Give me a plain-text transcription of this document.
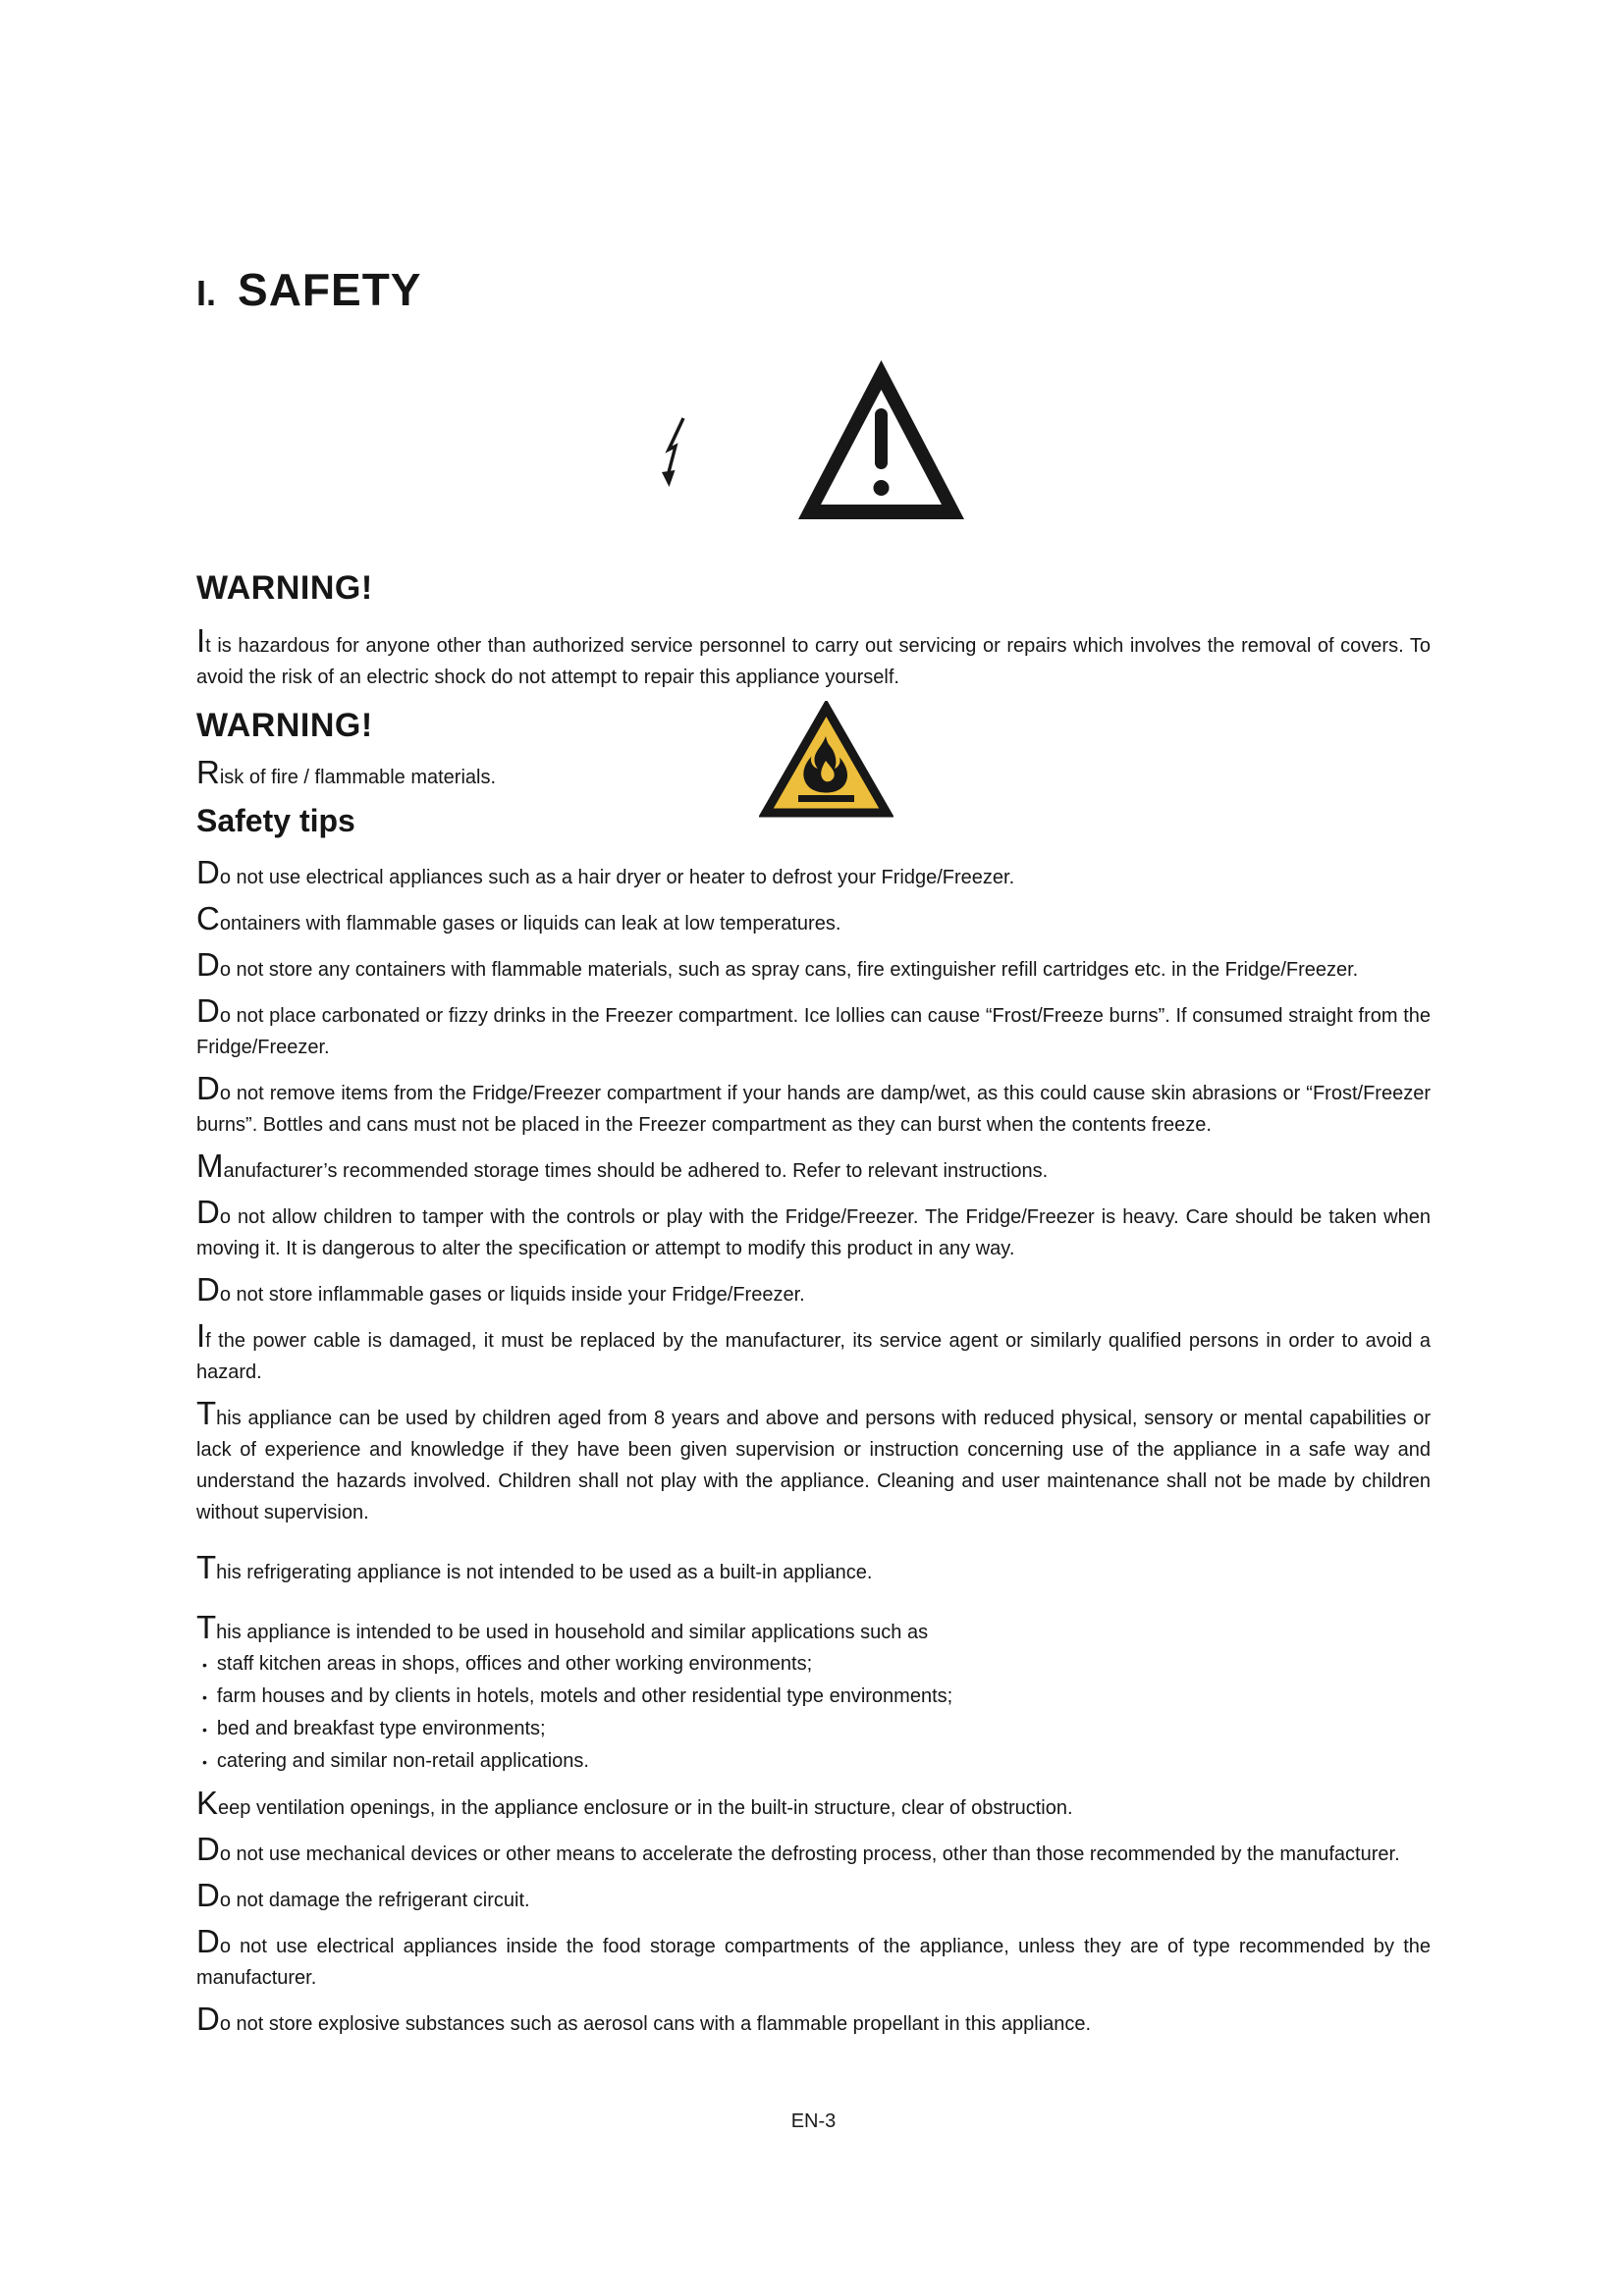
I. SAFETY
WARNING!

It is hazardous for anyone other than authorized service personnel to carry out servicing or repairs which involves the removal of covers. To avoid the risk of an electric shock do not attempt to repair this appliance yourself.

WARNING!

Risk of fire / flammable materials.

Safety tips

Do not use electrical appliances such as a hair dryer or heater to defrost your Fridge/Freezer.

Containers with flammable gases or liquids can leak at low temperatures.

Do not store any containers with flammable materials, such as spray cans, fire extinguisher refill cartridges etc. in the Fridge/Freezer.

Do not place carbonated or fizzy drinks in the Freezer compartment. Ice lollies can cause “Frost/Freeze burns”. If consumed straight from the Fridge/Freezer.

Do not remove items from the Fridge/Freezer compartment if your hands are damp/wet, as this could cause skin abrasions or “Frost/Freezer burns”. Bottles and cans must not be placed in the Freezer compartment as they can burst when the contents freeze.

Manufacturer’s recommended storage times should be adhered to. Refer to relevant instructions.

Do not allow children to tamper with the controls or play with the Fridge/Freezer. The Fridge/Freezer is heavy. Care should be taken when moving it. It is dangerous to alter the specification or attempt to modify this product in any way.

Do not store inflammable gases or liquids inside your Fridge/Freezer.

If the power cable is damaged, it must be replaced by the manufacturer, its service agent or similarly qualified persons in order to avoid a hazard.

This appliance can be used by children aged from 8 years and above and persons with reduced physical, sensory or mental capabilities or lack of experience and knowledge if they have been given supervision or instruction concerning use of the appliance in a safe way and understand the hazards involved. Children shall not play with the appliance. Cleaning and user maintenance shall not be made by children without supervision.

This refrigerating appliance is not intended to be used as a built-in appliance.

This appliance is intended to be used in household and similar applications such as

• staff kitchen areas in shops, offices and other working environments;

• farm houses and by clients in hotels, motels and other residential type environments;

• bed and breakfast type environments;

• catering and similar non-retail applications.

Keep ventilation openings, in the appliance enclosure or in the built-in structure, clear of obstruction.

Do not use mechanical devices or other means to accelerate the defrosting process, other than those recommended by the manufacturer.

Do not damage the refrigerant circuit.

Do not use electrical appliances inside the food storage compartments of the appliance, unless they are of type recommended by the manufacturer.

Do not store explosive substances such as aerosol cans with a flammable propellant in this appliance.

EN-3
